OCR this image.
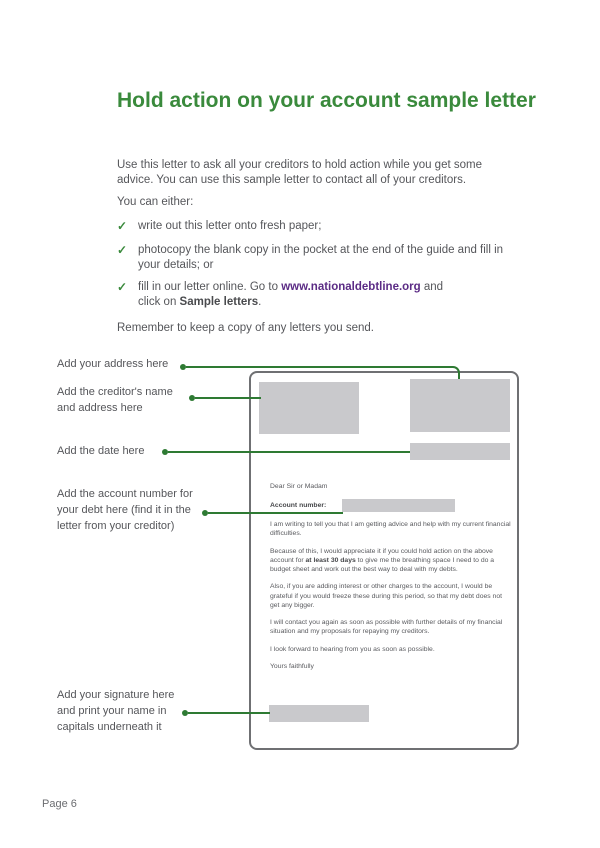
Hold action on your account sample letter

Use this letter to ask all your creditors to hold action while you get some advice. You can use this sample letter to contact all of your creditors.

You can either:

✓ write out this letter onto fresh paper;
✓ photocopy the blank copy in the pocket at the end of the guide and fill in your details; or
✓ fill in our letter online. Go to www.nationaldebtline.org and
click on Sample letters.

Remember to keep a copy of any letters you send.

Add your address here
Add the creditor's name and address here
Add the date here
Add the account number for your debt here (find it in the letter from your creditor)
Add your signature here and print your name in capitals underneath it

Dear Sir or Madam

Account number:

I am writing to tell you that I am getting advice and help with my current financial difficulties.

Because of this, I would appreciate it if you could hold action on the above account for at least 30 days to give me the breathing space I need to do a budget sheet and work out the best way to deal with my debts.

Also, if you are adding interest or other charges to the account, I would be grateful if you would freeze these during this period, so that my debt does not get any bigger.

I will contact you again as soon as possible with further details of my financial situation and my proposals for repaying my creditors.

I look forward to hearing from you as soon as possible.

Yours faithfully

Page 6
